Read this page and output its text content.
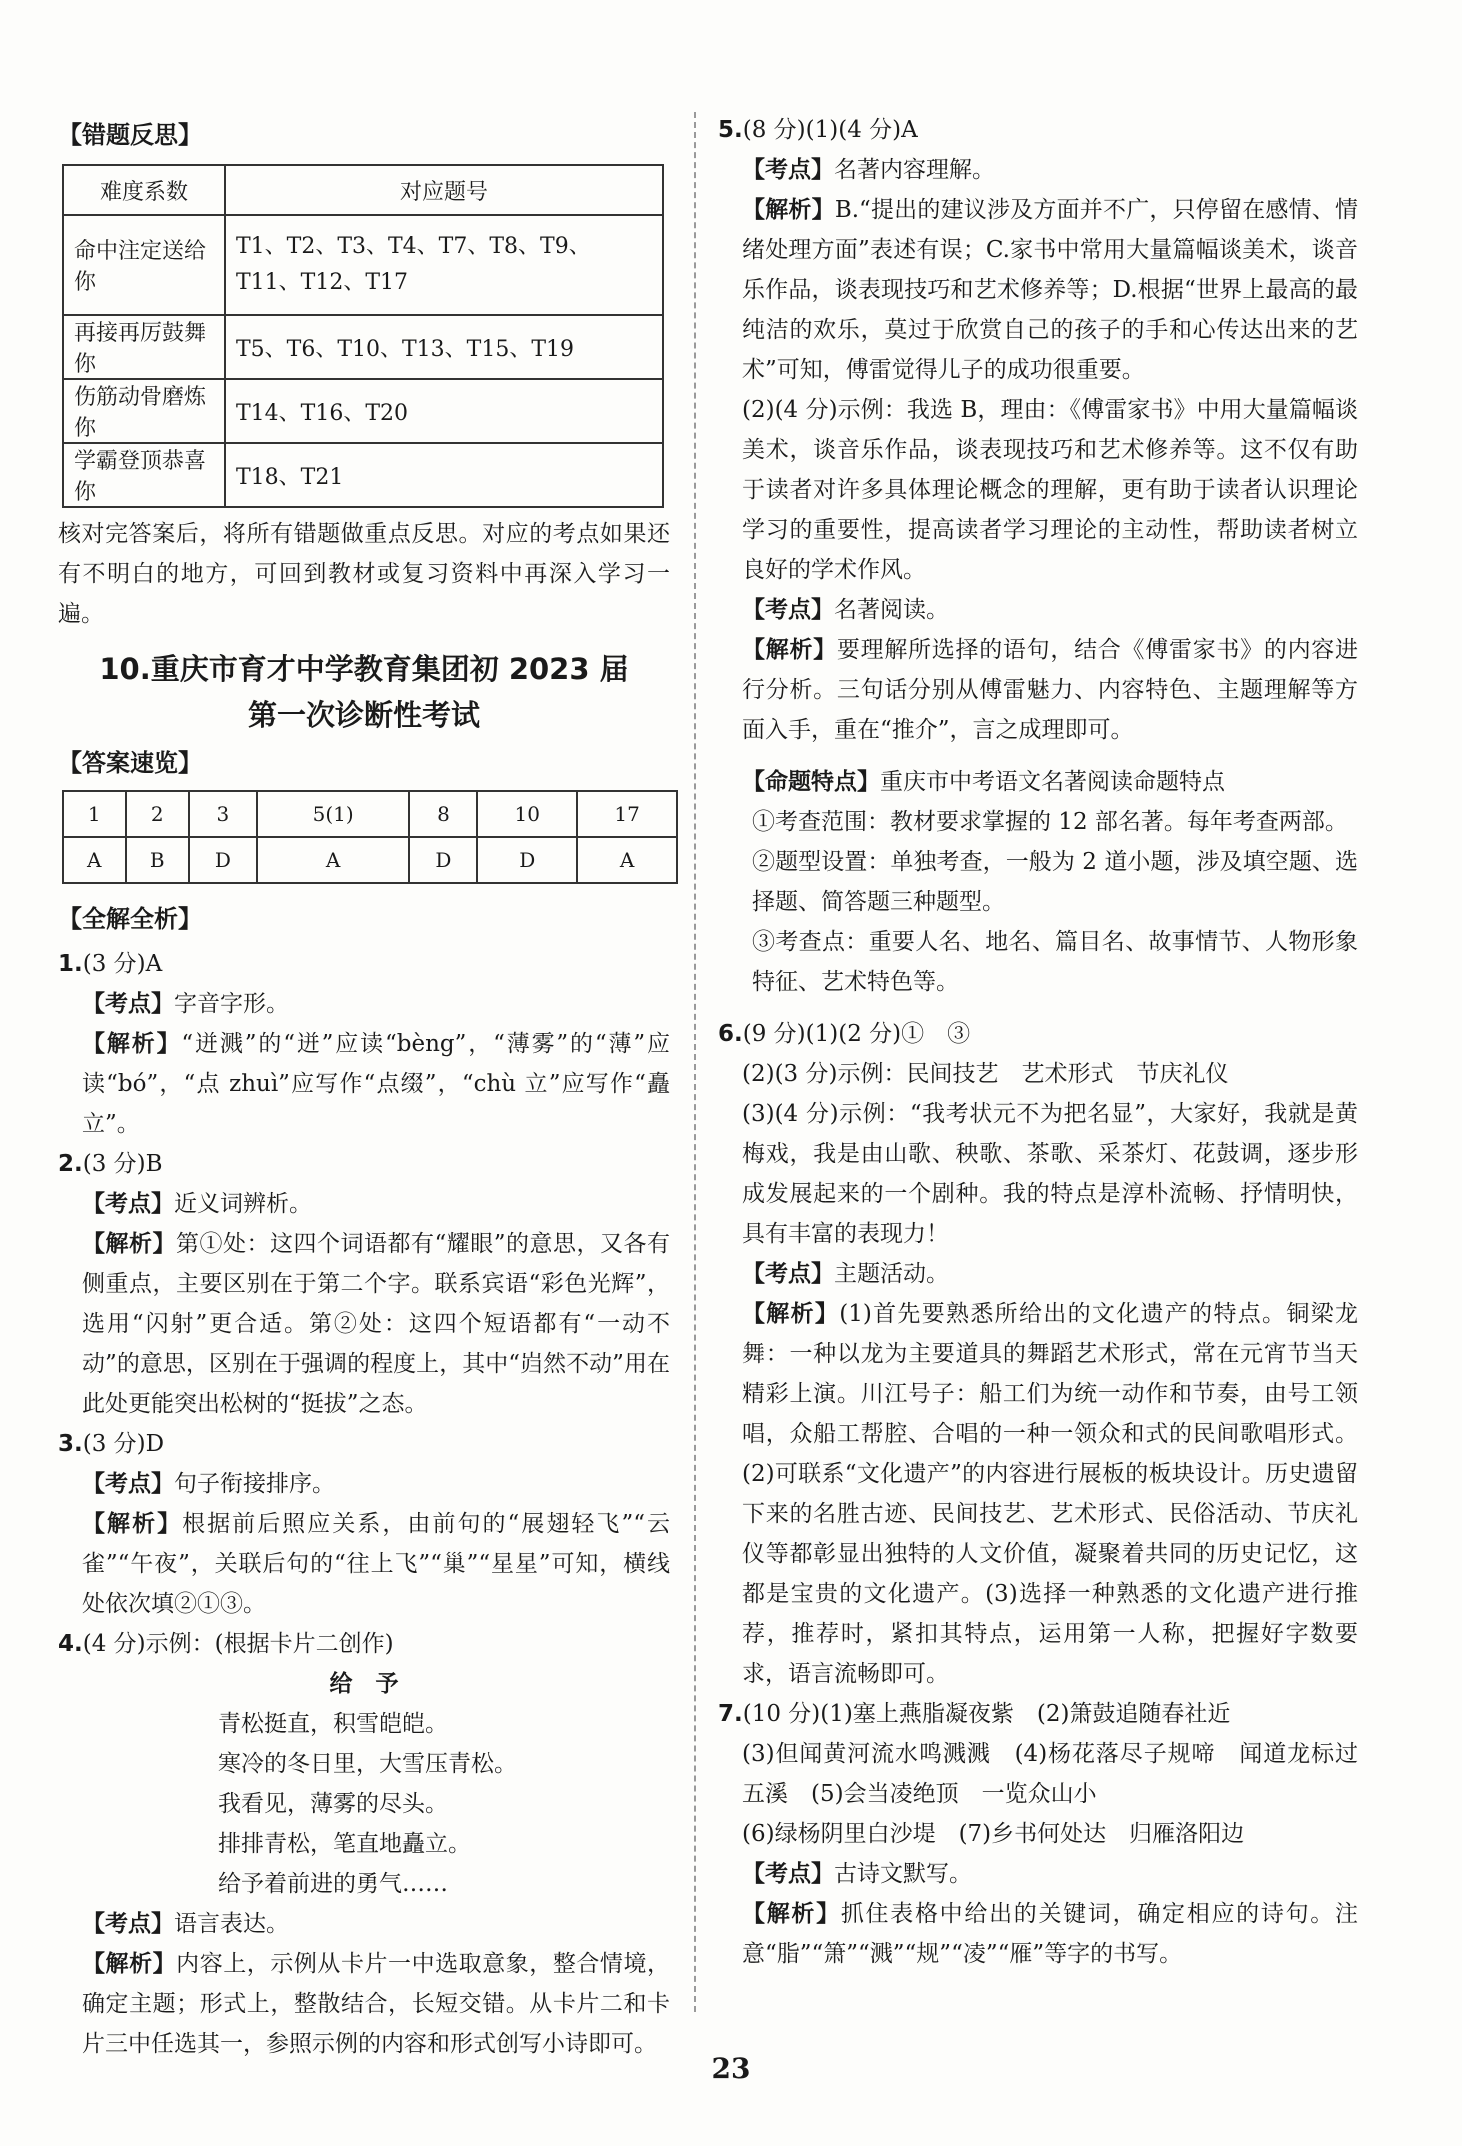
【错题反思】
难度系数	对应题号
命中注定送给你	T1、T2、T3、T4、T7、T8、T9、T11、T12、T17
再接再厉鼓舞你	T5、T6、T10、T13、T15、T19
伤筋动骨磨炼你	T14、T16、T20
学霸登顶恭喜你	T18、T21

核对完答案后，将所有错题做重点反思。对应的考点如果还有不明白的地方，可回到教材或复习资料中再深入学习一遍。

10.重庆市育才中学教育集团初 2023 届

第一次诊断性考试

【答案速览】
1	2	3	5(1)	8	10	17
A	B	D	A	D	D	A
【全解全析】

1.(3 分)A

【考点】字音字形。

【解析】“迸溅”的“迸”应读“bèng”，“薄雾”的“薄”应读“bó”，“点 zhuì”应写作“点缀”，“chù 立”应写作“矗立”。

2.(3 分)B

【考点】近义词辨析。

【解析】第①处：这四个词语都有“耀眼”的意思，又各有侧重点，主要区别在于第二个字。联系宾语“彩色光辉”，选用“闪射”更合适。第②处：这四个短语都有“一动不动”的意思，区别在于强调的程度上，其中“岿然不动”用在此处更能突出松树的“挺拔”之态。

3.(3 分)D

【考点】句子衔接排序。

【解析】根据前后照应关系，由前句的“展翅轻飞”“云雀”“午夜”，关联后句的“往上飞”“巢”“星星”可知，横线处依次填②①③。

4.(4 分)示例：(根据卡片二创作)

给　予
青松挺直，积雪皑皑。
寒冷的冬日里，大雪压青松。
我看见，薄雾的尽头。
排排青松，笔直地矗立。
给予着前进的勇气……

【考点】语言表达。

【解析】内容上，示例从卡片一中选取意象，整合情境，确定主题；形式上，整散结合，长短交错。从卡片二和卡片三中任选其一，参照示例的内容和形式创写小诗即可。

5.(8 分)(1)(4 分)A

【考点】名著内容理解。

【解析】B.“提出的建议涉及方面并不广，只停留在感情、情绪处理方面”表述有误；C.家书中常用大量篇幅谈美术，谈音乐作品，谈表现技巧和艺术修养等；D.根据“世界上最高的最纯洁的欢乐，莫过于欣赏自己的孩子的手和心传达出来的艺术”可知，傅雷觉得儿子的成功很重要。

(2)(4 分)示例：我选 B，理由：《傅雷家书》中用大量篇幅谈美术，谈音乐作品，谈表现技巧和艺术修养等。这不仅有助于读者对许多具体理论概念的理解，更有助于读者认识理论学习的重要性，提高读者学习理论的主动性，帮助读者树立良好的学术作风。

【考点】名著阅读。

【解析】要理解所选择的语句，结合《傅雷家书》的内容进行分析。三句话分别从傅雷魅力、内容特色、主题理解等方面入手，重在“推介”，言之成理即可。

【命题特点】重庆市中考语文名著阅读命题特点

①考查范围：教材要求掌握的 12 部名著。每年考查两部。

②题型设置：单独考查，一般为 2 道小题，涉及填空题、选择题、简答题三种题型。

③考查点：重要人名、地名、篇目名、故事情节、人物形象特征、艺术特色等。

6.(9 分)(1)(2 分)①　③

(2)(3 分)示例：民间技艺　艺术形式　节庆礼仪

(3)(4 分)示例：“我考状元不为把名显”，大家好，我就是黄梅戏，我是由山歌、秧歌、茶歌、采茶灯、花鼓调，逐步形成发展起来的一个剧种。我的特点是淳朴流畅、抒情明快，具有丰富的表现力！

【考点】主题活动。

【解析】(1)首先要熟悉所给出的文化遗产的特点。铜梁龙舞：一种以龙为主要道具的舞蹈艺术形式，常在元宵节当天精彩上演。川江号子：船工们为统一动作和节奏，由号工领唱，众船工帮腔、合唱的一种一领众和式的民间歌唱形式。(2)可联系“文化遗产”的内容进行展板的板块设计。历史遗留下来的名胜古迹、民间技艺、艺术形式、民俗活动、节庆礼仪等都彰显出独特的人文价值，凝聚着共同的历史记忆，这都是宝贵的文化遗产。(3)选择一种熟悉的文化遗产进行推荐，推荐时，紧扣其特点，运用第一人称，把握好字数要求，语言流畅即可。

7.(10 分)(1)塞上燕脂凝夜紫　(2)箫鼓追随春社近

(3)但闻黄河流水鸣溅溅　(4)杨花落尽子规啼　闻道龙标过五溪　(5)会当凌绝顶　一览众山小

(6)绿杨阴里白沙堤　(7)乡书何处达　归雁洛阳边

【考点】古诗文默写。

【解析】抓住表格中给出的关键词，确定相应的诗句。注意“脂”“箫”“溅”“规”“凌”“雁”等字的书写。

23
